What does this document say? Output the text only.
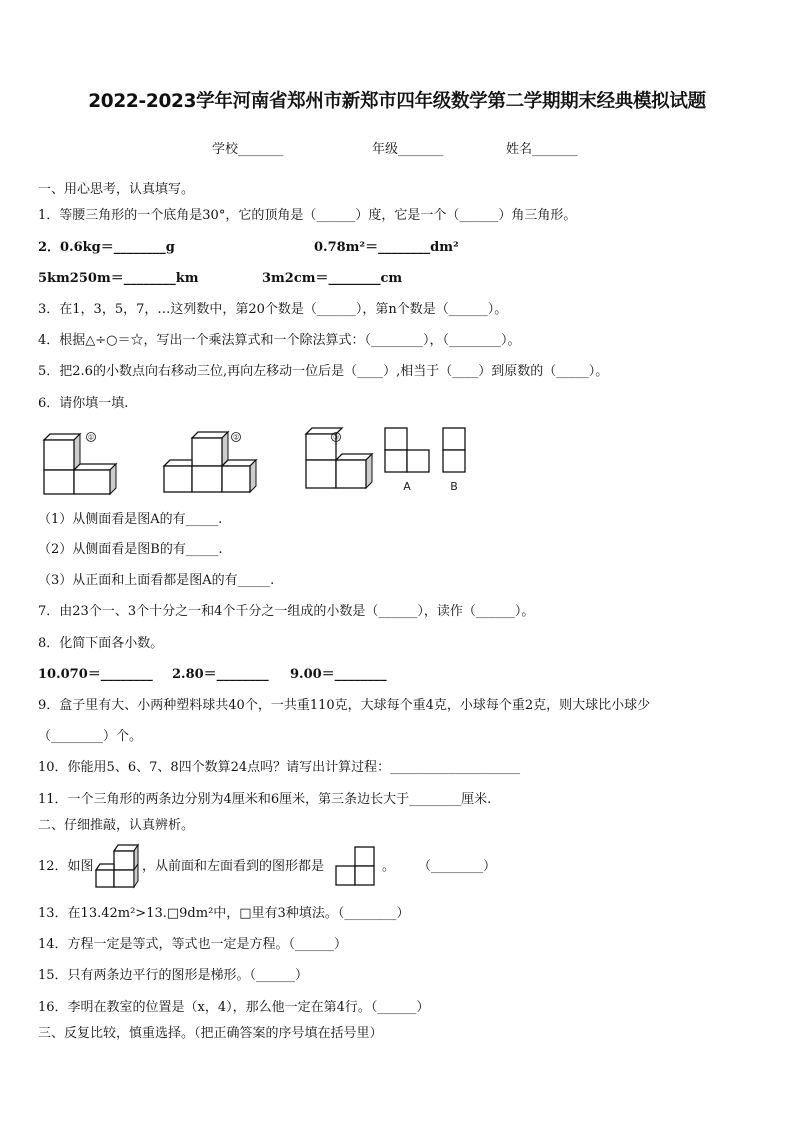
2022-2023学年河南省郑州市新郑市四年级数学第二学期期末经典模拟试题
学校_______	年级_______	姓名_______
一、用心思考，认真填写。
1．等腰三角形的一个底角是30°，它的顶角是（______）度，它是一个（______）角三角形。
2．0.6kg＝________g	0.78m²＝________dm²
5km250m＝________km	3m2cm＝________cm
3．在1，3，5，7，…这列数中，第20个数是（______），第n个数是（______）。
4．根据△÷○＝☆，写出一个乘法算式和一个除法算式：（________），（________）。
5．把2.6的小数点向右移动三位,再向左移动一位后是（____）,相当于（____）到原数的（_____）。
6．请你填一填.
①	②	③
A	B
（1）从侧面看是图A的有_____.
（2）从侧面看是图B的有_____.
（3）从正面和上面看都是图A的有_____.
7．由23个一、3个十分之一和4个千分之一组成的小数是（______），读作（______）。
8．化简下面各小数。
10.070＝________ 2.80＝________ 9.00＝________
9．盒子里有大、小两种塑料球共40个，一共重110克，大球每个重4克，小球每个重2克，则大球比小球少
（________）个。
10．你能用5、6、7、8四个数算24点吗？请写出计算过程：____________________
11．一个三角形的两条边分别为4厘米和6厘米，第三条边长大于________厘米.
二、仔细推敲，认真辨析。
12．如图	，从前面和左面看到的图形都是	。 （________）
13．在13.42m²>13.□9dm²中，□里有3种填法。（________）
14．方程一定是等式，等式也一定是方程。（______）
15．只有两条边平行的图形是梯形。（______）
16．李明在教室的位置是（x，4），那么他一定在第4行。（______）
三、反复比较，慎重选择。（把正确答案的序号填在括号里）
